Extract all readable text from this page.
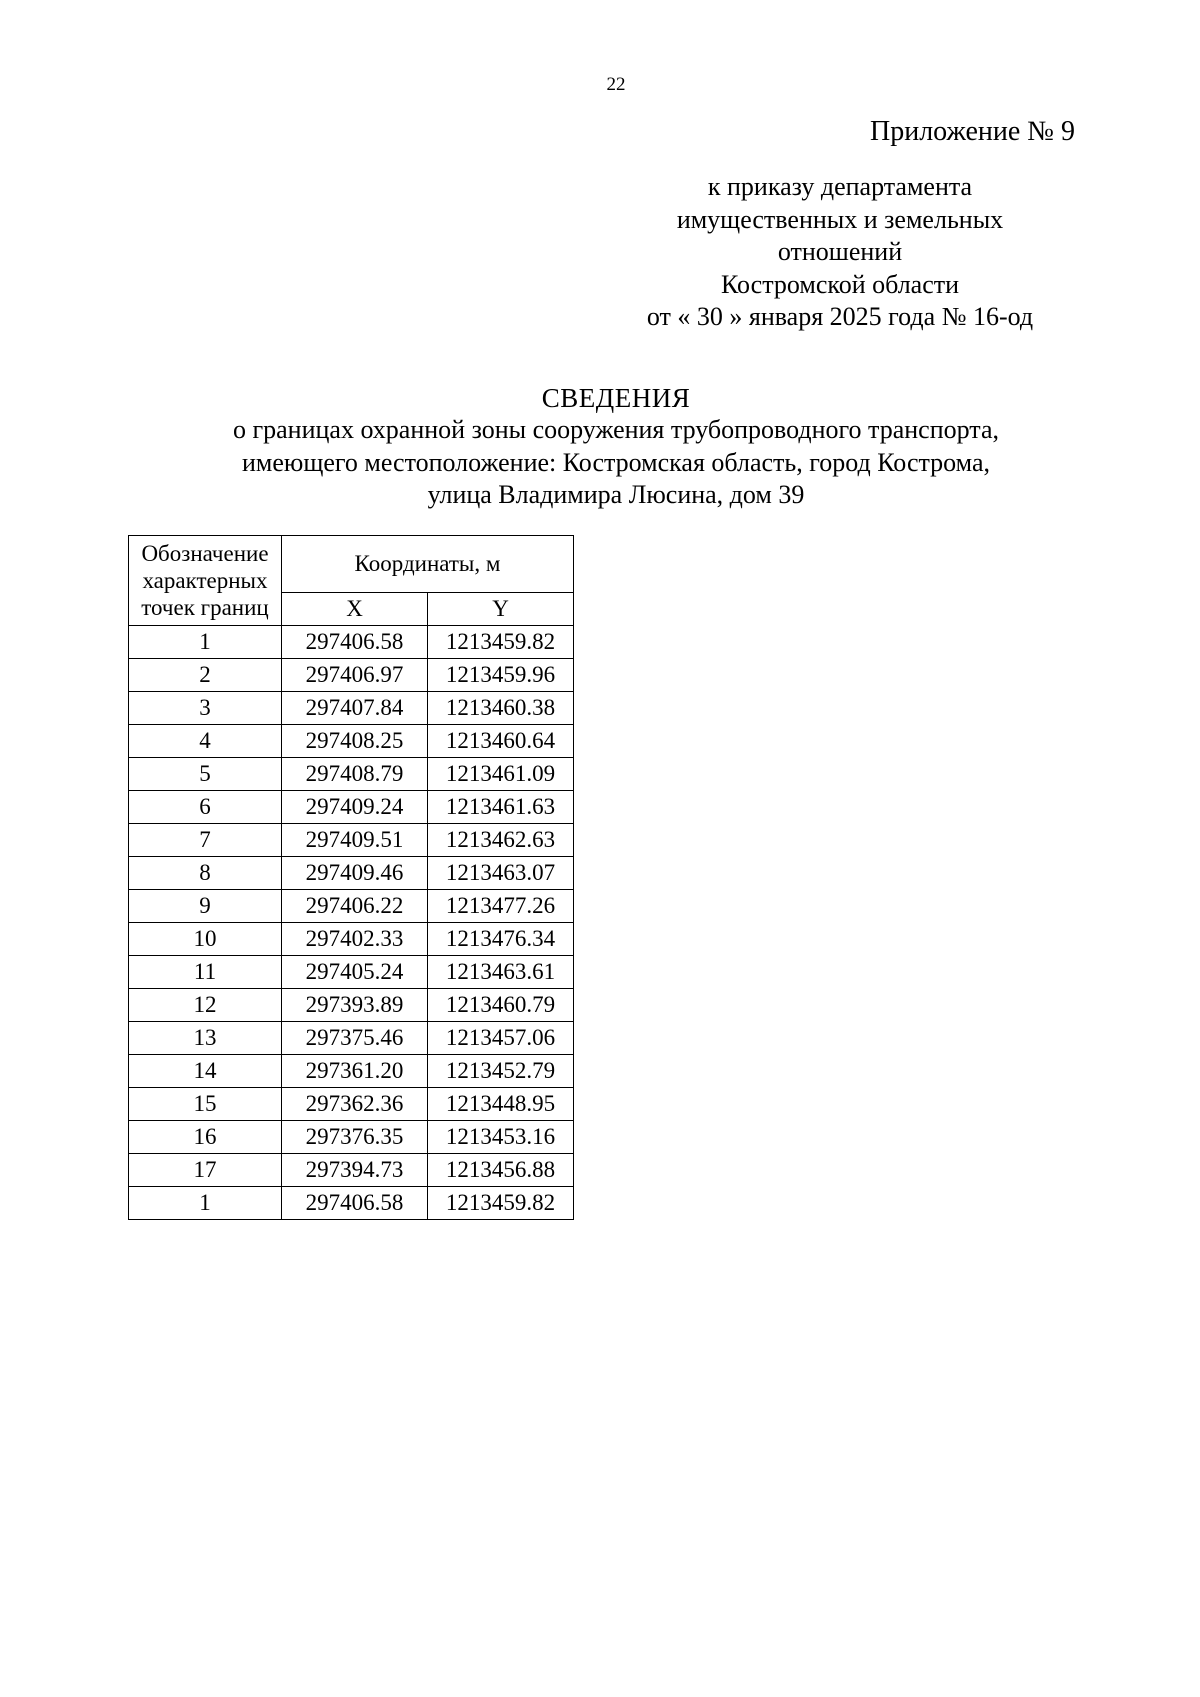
22
Приложение № 9
к приказу департамента
имущественных и земельных
отношений
Костромской области
от « 30 » января 2025 года № 16-од
СВЕДЕНИЯ
о границах охранной зоны сооружения трубопроводного транспорта,
имеющего местоположение: Костромская область, город Кострома,
улица Владимира Люсина, дом 39
Обозначение
характерных
точек границ	Координаты, м	
	X	Y
1	297406.58	1213459.82
2	297406.97	1213459.96
3	297407.84	1213460.38
4	297408.25	1213460.64
5	297408.79	1213461.09
6	297409.24	1213461.63
7	297409.51	1213462.63
8	297409.46	1213463.07
9	297406.22	1213477.26
10	297402.33	1213476.34
11	297405.24	1213463.61
12	297393.89	1213460.79
13	297375.46	1213457.06
14	297361.20	1213452.79
15	297362.36	1213448.95
16	297376.35	1213453.16
17	297394.73	1213456.88
1	297406.58	1213459.82
